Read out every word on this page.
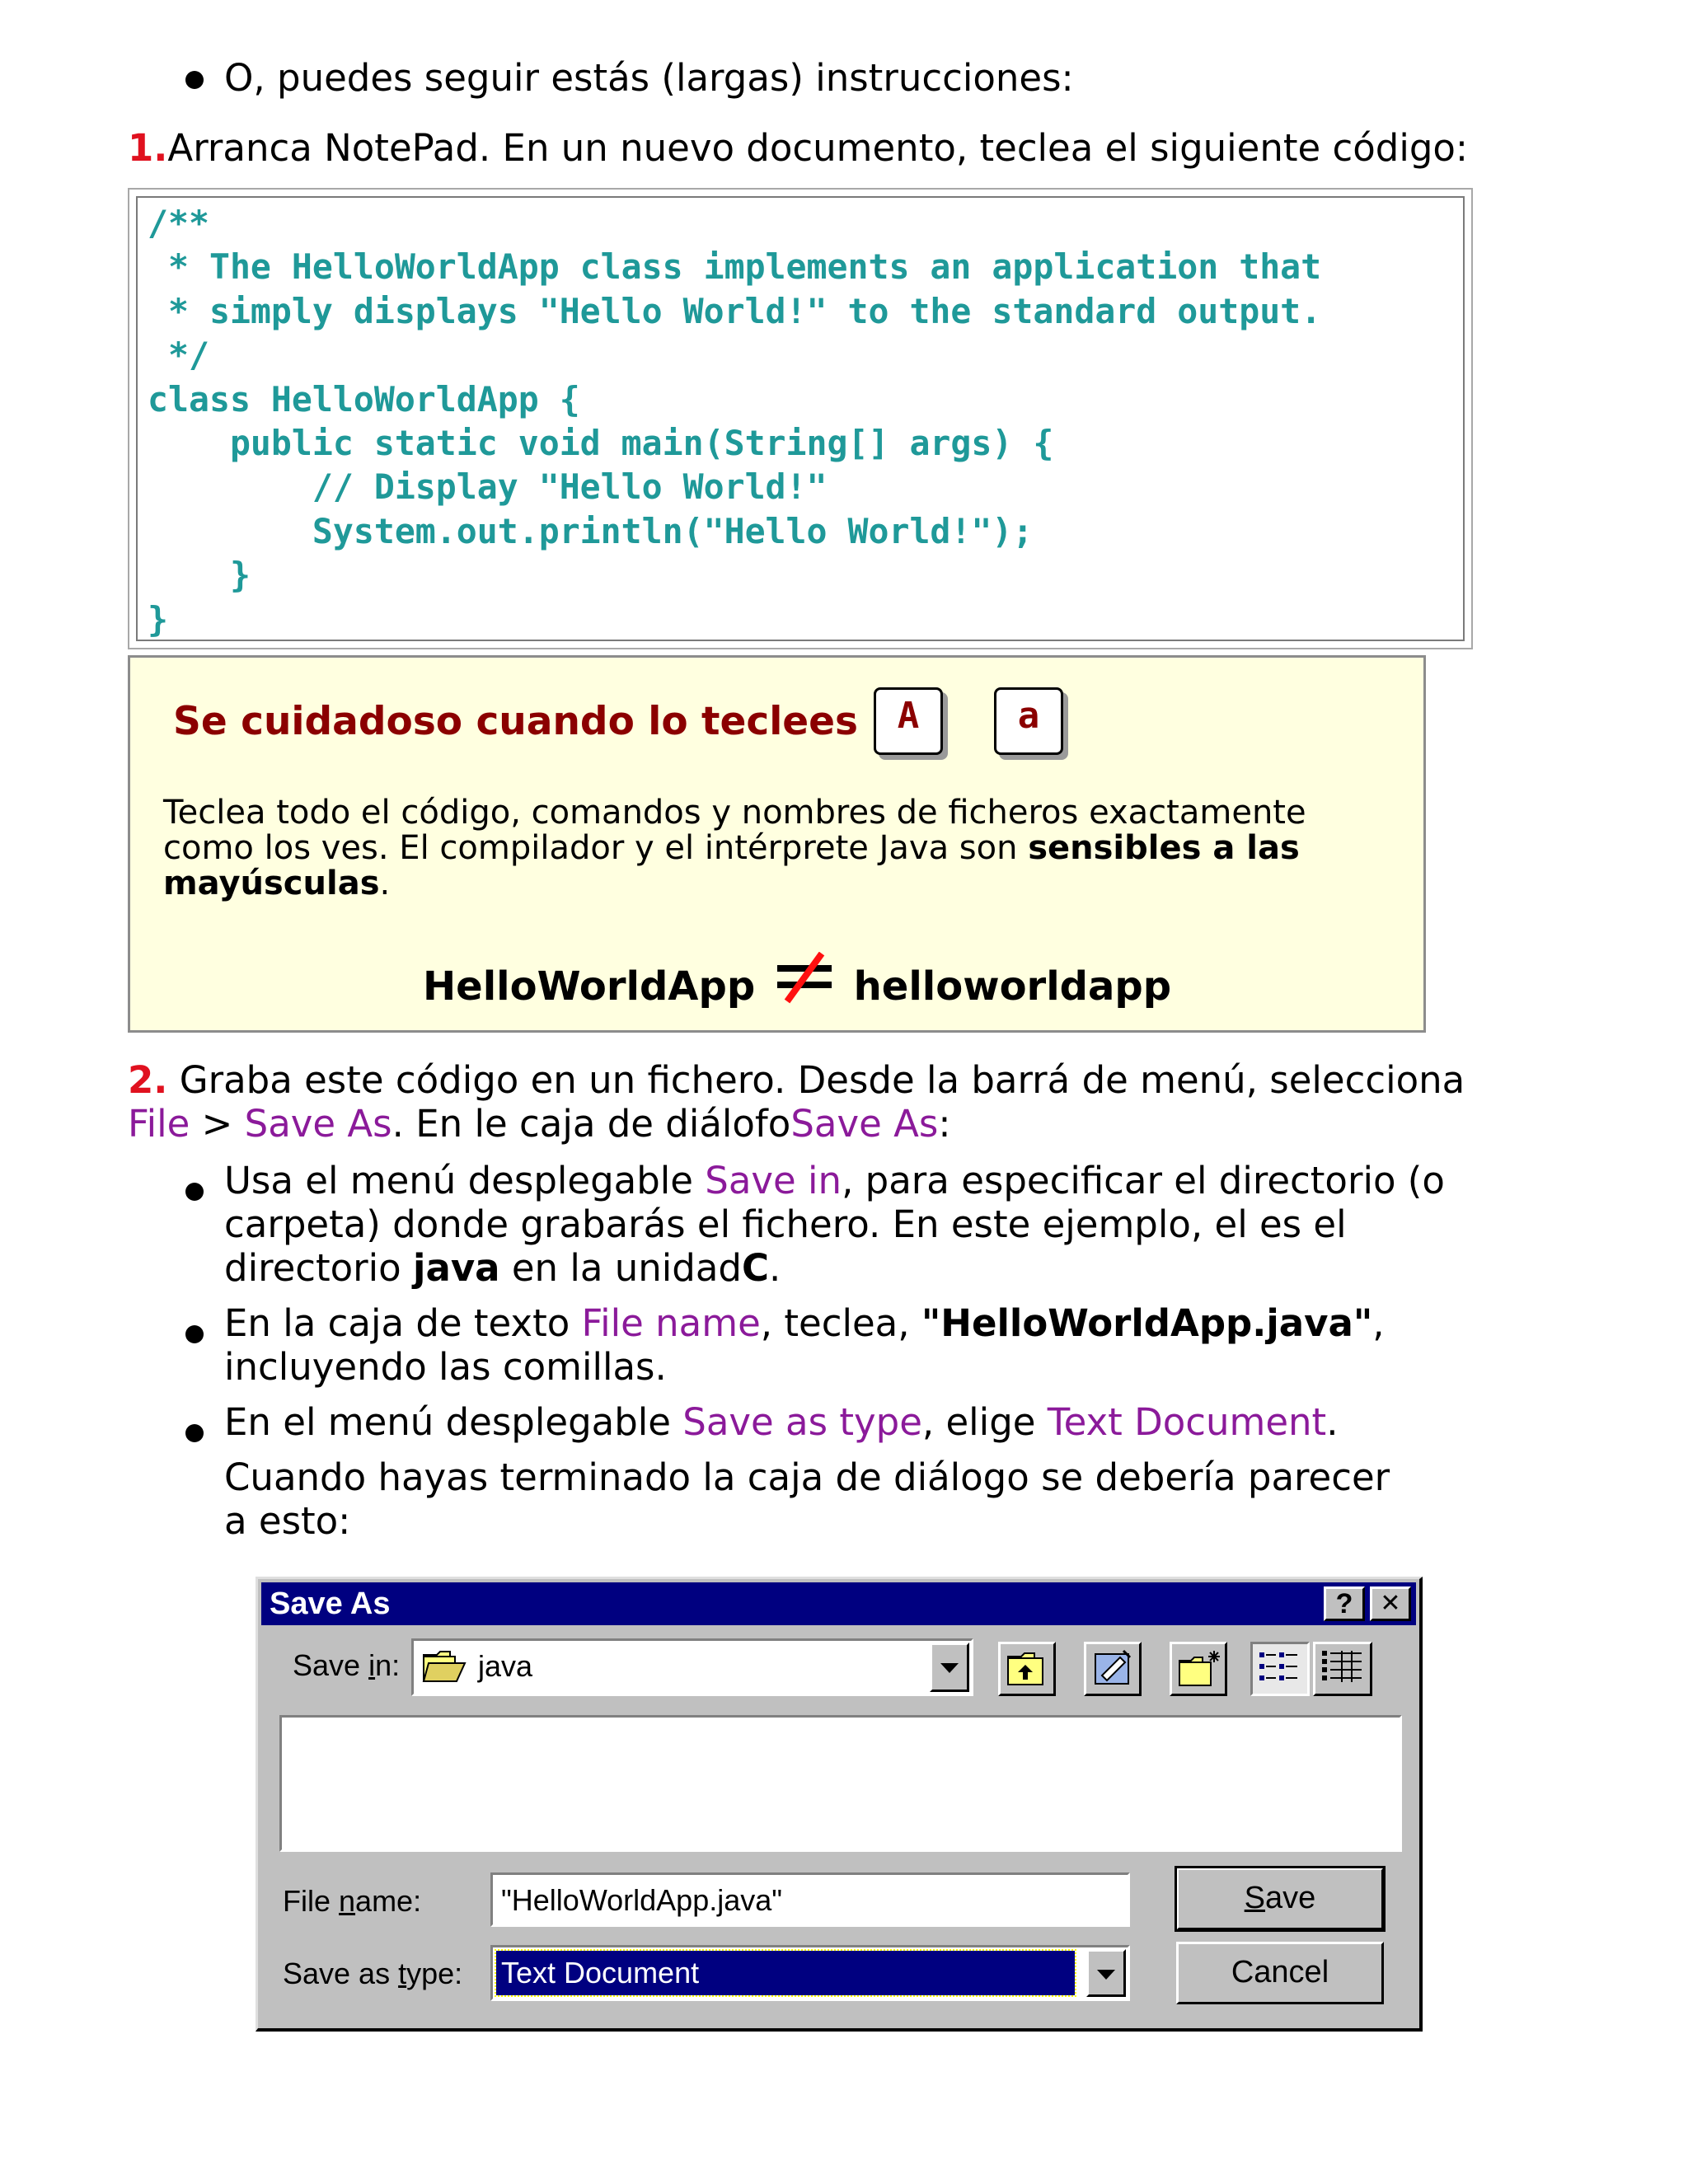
O, puedes seguir estás (largas) instrucciones:
1.Arranca NotePad. En un nuevo documento, teclea el siguiente código:
/**
* The HelloWorldApp class implements an application that
* simply displays "Hello World!" to the standard output.
*/
class HelloWorldApp {
public static void main(String[] args) {
// Display "Hello World!"
System.out.println("Hello World!");
}
}
Se cuidadoso cuando lo teclees	A	a
Teclea todo el código, comandos y nombres de ficheros exactamente
como los ves. El compilador y el intérprete Java son sensibles a las
mayúsculas.
HelloWorldApp helloworldapp
2. Graba este código en un fichero. Desde la barrá de menú, selecciona
File > Save As. En le caja de diálofoSave As:
Usa el menú desplegable Save in, para especificar el directorio (o
carpeta) donde grabarás el fichero. En este ejemplo, el es el
directorio java en la unidadC.
En la caja de texto File name, teclea, "HelloWorldApp.java",
incluyendo las comillas.
En el menú desplegable Save as type, elige Text Document.
Cuando hayas terminado la caja de diálogo se debería parecer
a esto:
Save As	?	✕
Save in:	java
File name:	"HelloWorldApp.java"
Save as type: Text Document
Save
Cancel
